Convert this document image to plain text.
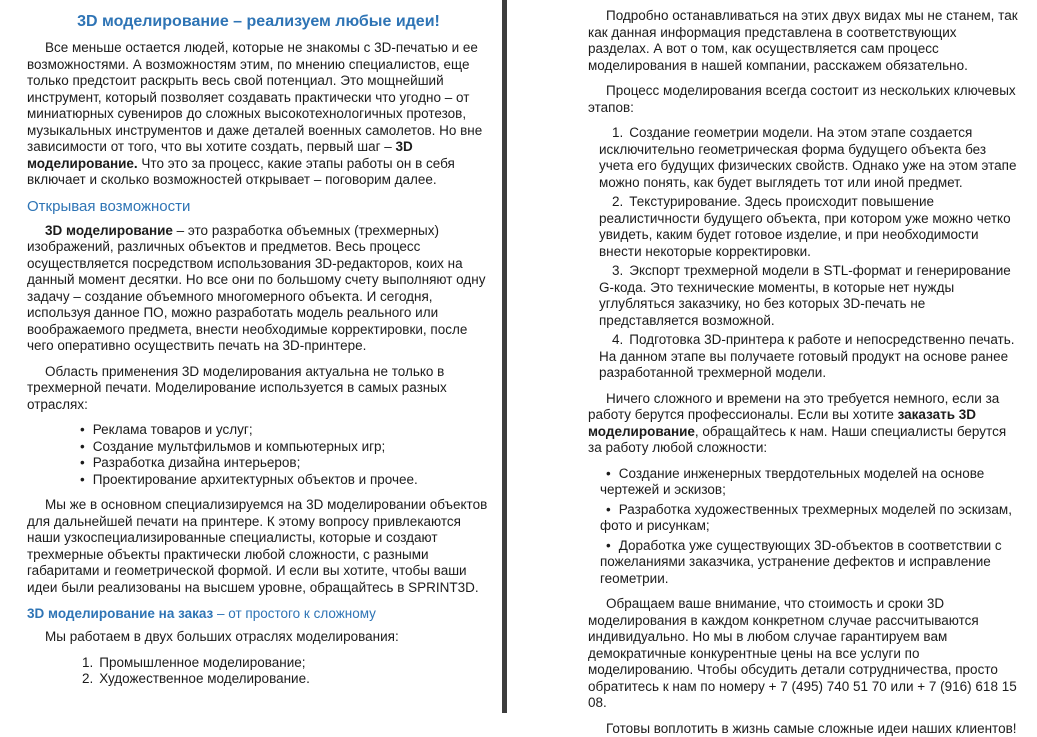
3D моделирование – реализуем любые идеи!

Все меньше остается людей, которые не знакомы с 3D-печатью и ее возможностями. А возможностям этим, по мнению специалистов, еще только предстоит раскрыть весь свой потенциал. Это мощнейший инструмент, который позволяет создавать практически что угодно – от миниатюрных сувениров до сложных высокотехнологичных протезов, музыкальных инструментов и даже деталей военных самолетов. Но вне зависимости от того, что вы хотите создать, первый шаг – 3D моделирование. Что это за процесс, какие этапы работы он в себя включает и сколько возможностей открывает – поговорим далее.

Открывая возможности

3D моделирование – это разработка объемных (трехмерных) изображений, различных объектов и предметов. Весь процесс осуществляется посредством использования 3D-редакторов, коих на данный момент десятки. Но все они по большому счету выполняют одну задачу – создание объемного многомерного объекта. И сегодня, используя данное ПО, можно разработать модель реального или воображаемого предмета, внести необходимые корректировки, после чего оперативно осуществить печать на 3D-принтере.

Область применения 3D моделирования актуальна не только в трехмерной печати. Моделирование используется в самых разных отраслях:

• Реклама товаров и услуг;
• Создание мультфильмов и компьютерных игр;
• Разработка дизайна интерьеров;
• Проектирование архитектурных объектов и прочее.

Мы же в основном специализируемся на 3D моделировании объектов для дальнейшей печати на принтере. К этому вопросу привлекаются наши узкоспециализированные специалисты, которые и создают трехмерные объекты практически любой сложности, с разными габаритами и геометрической формой. И если вы хотите, чтобы ваши идеи были реализованы на высшем уровне, обращайтесь в SPRINT3D.

3D моделирование на заказ – от простого к сложному

Мы работаем в двух больших отраслях моделирования:

Промышленное моделирование;
Художественное моделирование.

Подробно останавливаться на этих двух видах мы не станем, так как данная информация представлена в соответствующих разделах. А вот о том, как осуществляется сам процесс моделирования в нашей компании, расскажем обязательно.

Процесс моделирования всегда состоит из нескольких ключевых этапов:

Создание геометрии модели. На этом этапе создается исключительно геометрическая форма будущего объекта без учета его будущих физических свойств. Однако уже на этом этапе можно понять, как будет выглядеть тот или иной предмет.
Текстурирование. Здесь происходит повышение реалистичности будущего объекта, при котором уже можно четко увидеть, каким будет готовое изделие, и при необходимости внести некоторые корректировки.
Экспорт трехмерной модели в STL-формат и генерирование G-кода. Это технические моменты, в которые нет нужды углубляться заказчику, но без которых 3D-печать не представляется возможной.
Подготовка 3D-принтера к работе и непосредственно печать. На данном этапе вы получаете готовый продукт на основе ранее разработанной трехмерной модели.

Ничего сложного и времени на это требуется немного, если за работу берутся профессионалы. Если вы хотите заказать 3D моделирование, обращайтесь к нам. Наши специалисты берутся за работу любой сложности:

• Создание инженерных твердотельных моделей на основе чертежей и эскизов;
• Разработка художественных трехмерных моделей по эскизам, фото и рисункам;
• Доработка уже существующих 3D-объектов в соответствии с пожеланиями заказчика, устранение дефектов и исправление геометрии.

Обращаем ваше внимание, что стоимость и сроки 3D моделирования в каждом конкретном случае рассчитываются индивидуально. Но мы в любом случае гарантируем вам демократичные конкурентные цены на все услуги по моделированию. Чтобы обсудить детали сотрудничества, просто обратитесь к нам по номеру + 7 (495) 740 51 70 или + 7 (916) 618 15 08.

Готовы воплотить в жизнь самые сложные идеи наших клиентов!
